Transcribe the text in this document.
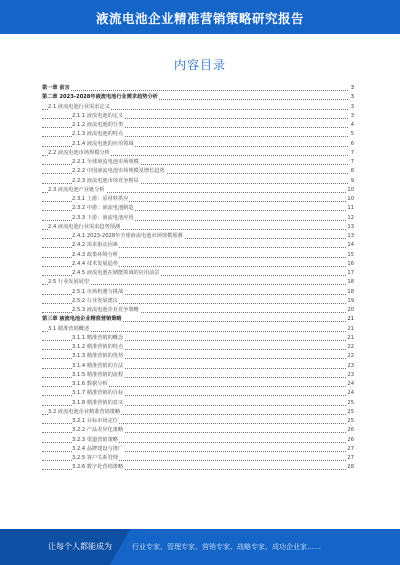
液流电池企业精准营销策略研究报告
内容目录
第一章 前言	3
第二章 2023-2028年液流电池行业需求趋势分析	3
2.1 液流电池行业需求定义	3
2.1.1 液流电池的定义	3
2.1.2 液流电池的分类	4
2.1.3 液流电池的特点	5
2.1.4 液流电池的应用领域	6
2.2 液流电池市场规模分析	7
2.2.1 全球液流电池市场规模	7
2.2.2 中国液流电池市场规模及增长趋势	8
2.2.3 液流电池市场竞争格局	9
2.3 液流电池产业链分析	10
2.3.1 上游：原材料供应	10
2.3.2 中游：液流电池制造	11
2.3.3 下游：液流电池应用	12
2.4 液流电池行业需求趋势预测	13
2.4.1 2023-2028年全球液流电池市场规模预测	13
2.4.2 需求驱动因素	14
2.4.3 政策环境分析	15
2.4.4 技术发展趋势	16
2.4.5 液流电池在储能领域的应用前景	17
2.5 行业发展展望	18
2.5.1 市场机遇与挑战	18
2.5.2 行业发展建议	19
2.5.3 液流电池企业竞争策略	20
第三章 液流电池企业精准营销策略	21
3.1 精准营销概述	21
3.1.1 精准营销的概念	21
3.1.2 精准营销的特点	22
3.1.3 精准营销的优势	22
3.1.4 精准营销的方法	23
3.1.5 精准营销的流程	23
3.1.6 数据分析	24
3.1.7 精准营销的目标	24
3.1.8 精准营销的意义	25
3.2 液流电池企业精准营销策略	25
3.2.1 目标市场定位	25
3.2.2 产品差异化策略	26
3.2.3 渠道营销策略	26
3.2.4 品牌建设与推广	27
3.2.5 客户关系管理	27
3.2.6 数字化营销策略	28
让每个人都能成为	行业专家、管理专家、营销专家、战略专家、成功企业家……
